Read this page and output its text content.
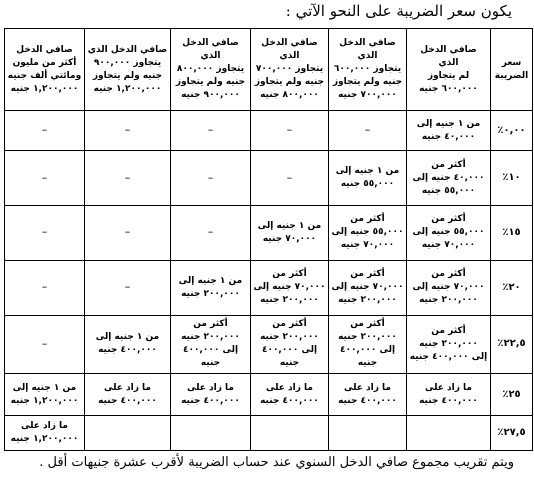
يكون سعر الضريبة على النحو الآتي :
سعر
الضريبة	صافي الدخل الذي
لم يتجاوز
٦٠٠,٠٠٠ جنيه	صافي الدخل الذي
يتجاوز ٦٠٠,٠٠٠
جنيه ولم يتجاوز
٧٠٠,٠٠٠ جنيه	صافي الدخل الذي
يتجاوز ٧٠٠,٠٠٠
جنيه ولم يتجاوز
٨٠٠,٠٠٠ جنيه	صافي الدخل الذي
يتجاوز ٨٠٠,٠٠٠
جنيه ولم يتجاوز
٩٠٠,٠٠٠ جنيه	صافي الدخل الذي
يتجاوز ٩٠٠,٠٠٠
جنيه ولم يتجاوز
١,٢٠٠,٠٠٠ جنيه	صافي الدخل
أكثر من مليون
ومائتي ألف جنيه
١,٢٠٠,٠٠٠ جنيه
٠,٠٠٪	من ١ جنيه إلى
٤٠,٠٠٠ جنيه	–	–	–	–	–
١٠٪	أكثر من
٤٠,٠٠٠ جنيه إلى
٥٥,٠٠٠ جنيه	من ١ جنيه إلى
٥٥,٠٠٠ جنيه	–	–	–	–
١٥٪	أكثر من
٥٥,٠٠٠ جنيه إلى
٧٠,٠٠٠ جنيه	أكثر من
٥٥,٠٠٠ جنيه إلى
٧٠,٠٠٠ جنيه	من ١ جنيه إلى
٧٠,٠٠٠ جنيه	–	–	–
٢٠٪	أكثر من
٧٠,٠٠٠ جنيه إلى
٢٠٠,٠٠٠ جنيه	أكثر من
٧٠,٠٠٠ جنيه إلى
٢٠٠,٠٠٠ جنيه	أكثر من
٧٠,٠٠٠ جنيه إلى
٢٠٠,٠٠٠ جنيه	من ١ جنيه إلى
٢٠٠,٠٠٠ جنيه	–	–
٢٢,٥٪	أكثر من
٢٠٠,٠٠٠ جنيه
إلى ٤٠٠,٠٠٠ جنيه	أكثر من
٢٠٠,٠٠٠ جنيه
إلى ٤٠٠,٠٠٠ جنيه	أكثر من
٢٠٠,٠٠٠ جنيه
إلى ٤٠٠,٠٠٠ جنيه	أكثر من
٢٠٠,٠٠٠ جنيه
إلى ٤٠٠,٠٠٠ جنيه	من ١ جنيه إلى
٤٠٠,٠٠٠ جنيه	–
٢٥٪	ما زاد على
٤٠٠,٠٠٠ جنيه	ما زاد على
٤٠٠,٠٠٠ جنيه	ما زاد على
٤٠٠,٠٠٠ جنيه	ما زاد على
٤٠٠,٠٠٠ جنيه	ما زاد على
٤٠٠,٠٠٠ جنيه	من ١ جنيه إلى
١,٢٠٠,٠٠٠ جنيه
٢٧,٥٪						ما زاد على
١,٢٠٠,٠٠٠ جنيه
ويتم تقريب مجموع صافي الدخل السنوي عند حساب الضريبة لأقرب عشرة جنيهات أقل .
